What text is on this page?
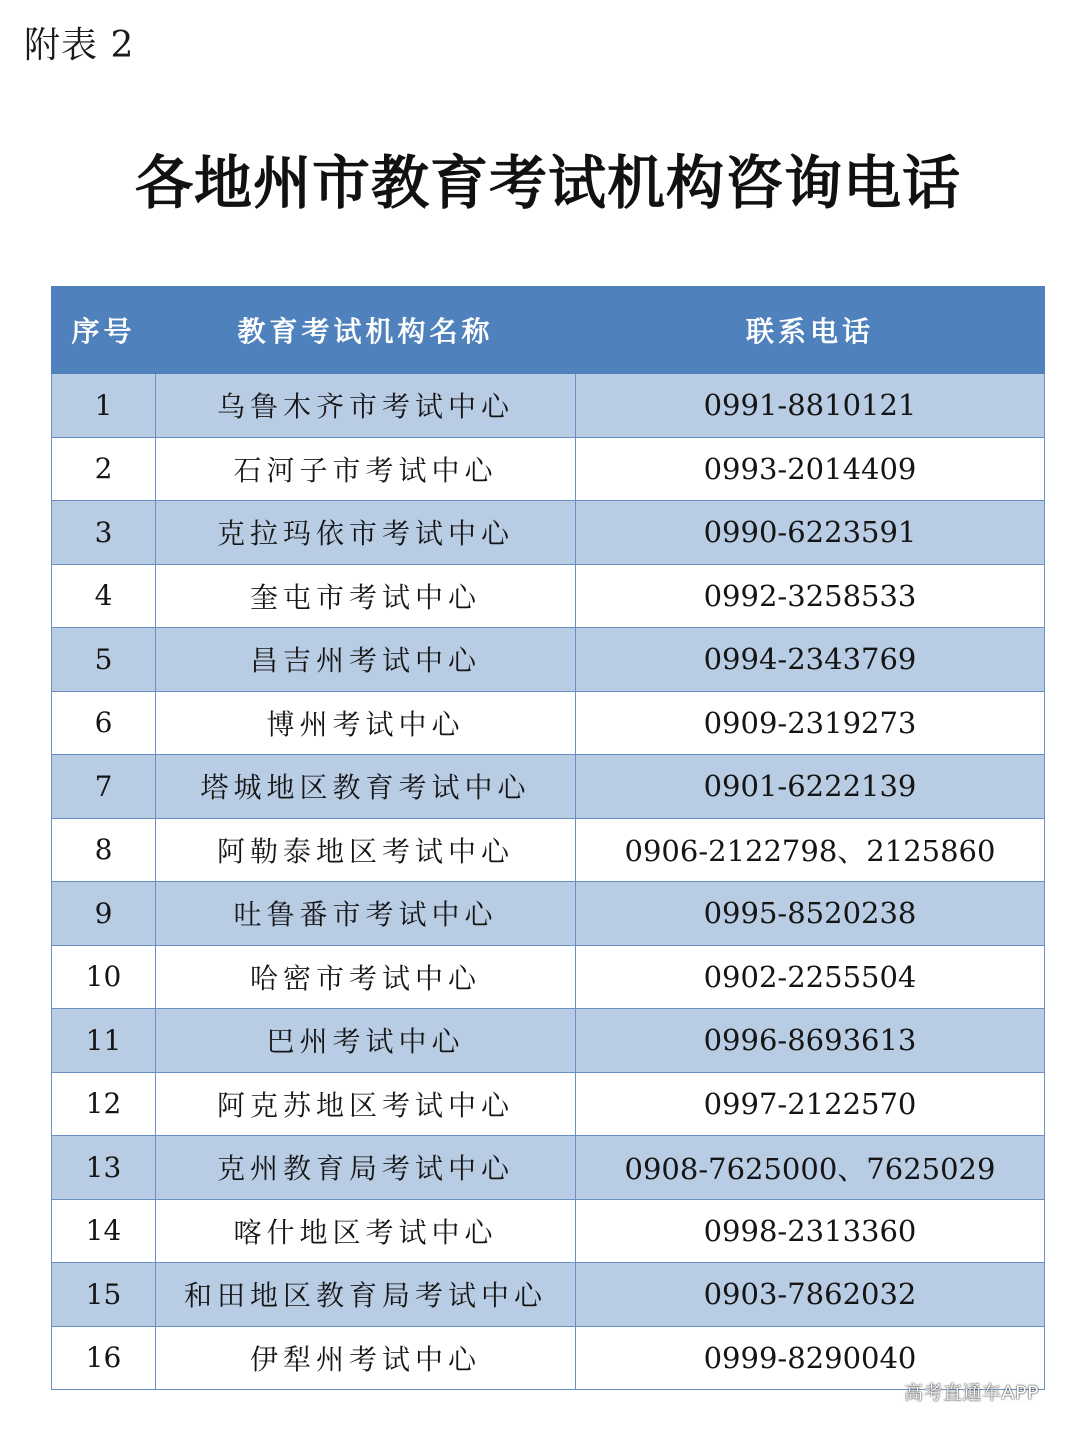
附表 2
各地州市教育考试机构咨询电话
序号	教育考试机构名称	联系电话
1	乌鲁木齐市考试中心	0991-8810121
2	石河子市考试中心	0993-2014409
3	克拉玛依市考试中心	0990-6223591
4	奎屯市考试中心	0992-3258533
5	昌吉州考试中心	0994-2343769
6	博州考试中心	0909-2319273
7	塔城地区教育考试中心	0901-6222139
8	阿勒泰地区考试中心	0906-2122798、2125860
9	吐鲁番市考试中心	0995-8520238
10	哈密市考试中心	0902-2255504
11	巴州考试中心	0996-8693613
12	阿克苏地区考试中心	0997-2122570
13	克州教育局考试中心	0908-7625000、7625029
14	喀什地区考试中心	0998-2313360
15	和田地区教育局考试中心	0903-7862032
16	伊犁州考试中心	0999-8290040
高考直通车APP
